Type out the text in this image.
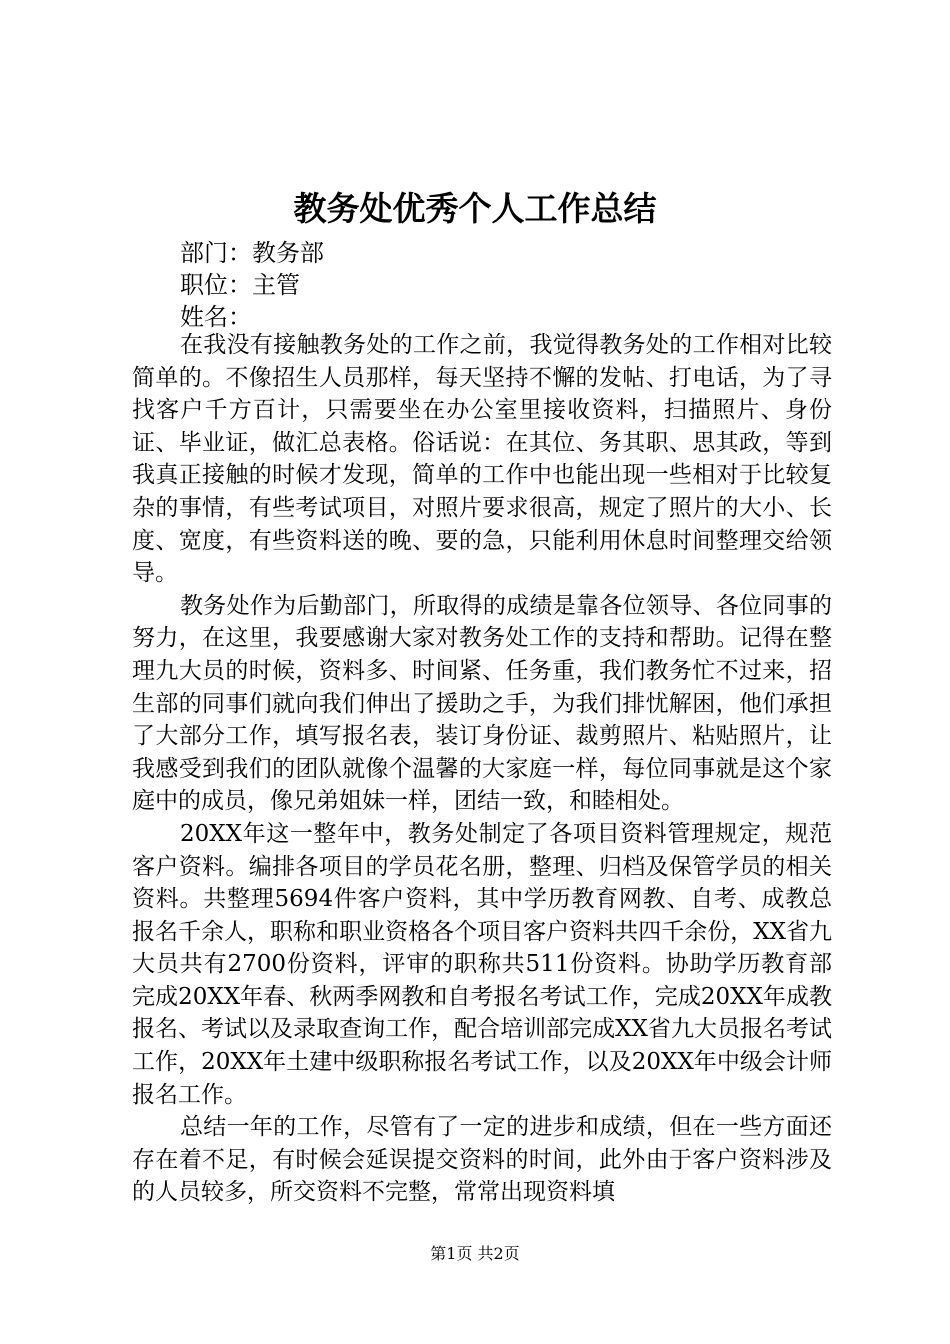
教务处优秀个人工作总结

部门：教务部

职位：主管

姓名：

在我没有接触教务处的工作之前，我觉得教务处的工作相对比较简单的。不像招生人员那样，每天坚持不懈的发帖、打电话，为了寻找客户千方百计，只需要坐在办公室里接收资料，扫描照片、身份证、毕业证，做汇总表格。俗话说：在其位、务其职、思其政，等到我真正接触的时候才发现，简单的工作中也能出现一些相对于比较复杂的事情，有些考试项目，对照片要求很高，规定了照片的大小、长度、宽度，有些资料送的晚、要的急，只能利用休息时间整理交给领导。

教务处作为后勤部门，所取得的成绩是靠各位领导、各位同事的努力，在这里，我要感谢大家对教务处工作的支持和帮助。记得在整理九大员的时候，资料多、时间紧、任务重，我们教务忙不过来，招生部的同事们就向我们伸出了援助之手，为我们排忧解困，他们承担了大部分工作，填写报名表，装订身份证、裁剪照片、粘贴照片，让我感受到我们的团队就像个温馨的大家庭一样，每位同事就是这个家庭中的成员，像兄弟姐妹一样，团结一致，和睦相处。

20XX年这一整年中，教务处制定了各项目资料管理规定，规范客户资料。编排各项目的学员花名册，整理、归档及保管学员的相关资料。共整理5694件客户资料，其中学历教育网教、自考、成教总报名千余人，职称和职业资格各个项目客户资料共四千余份，XX省九大员共有2700份资料，评审的职称共511份资料。协助学历教育部完成20XX年春、秋两季网教和自考报名考试工作，完成20XX年成教报名、考试以及录取查询工作，配合培训部完成XX省九大员报名考试工作，20XX年土建中级职称报名考试工作，以及20XX年中级会计师报名工作。

总结一年的工作，尽管有了一定的进步和成绩，但在一些方面还存在着不足，有时候会延误提交资料的时间，此外由于客户资料涉及的人员较多，所交资料不完整，常常出现资料填

第1页 共2页
